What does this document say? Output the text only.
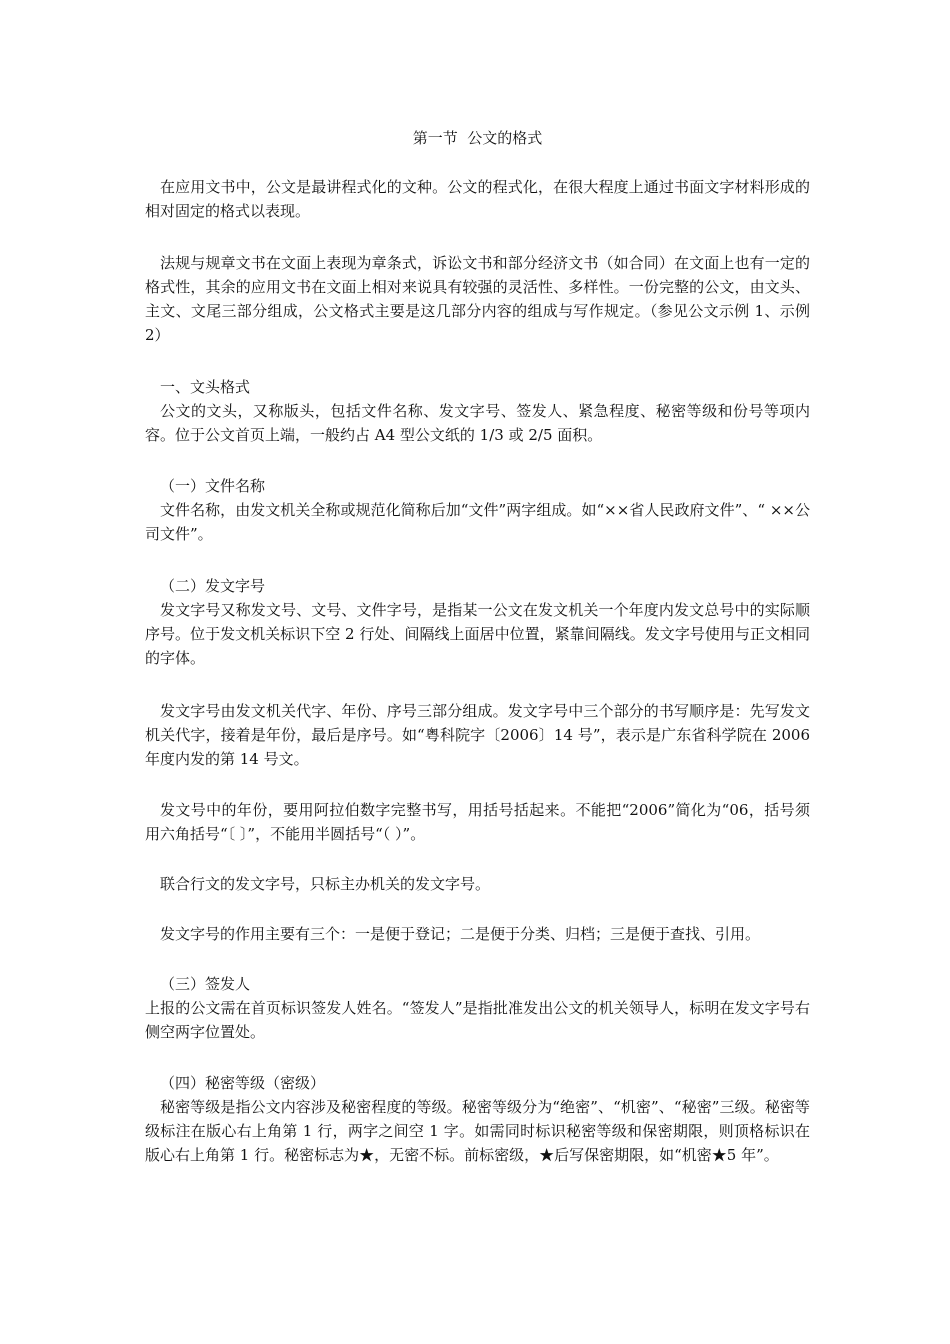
第一节  公文的格式

在应用文书中，公文是最讲程式化的文种。公文的程式化，在很大程度上通过书面文字材料形成的相对固定的格式以表现。

法规与规章文书在文面上表现为章条式，诉讼文书和部分经济文书（如合同）在文面上也有一定的格式性，其余的应用文书在文面上相对来说具有较强的灵活性、多样性。一份完整的公文，由文头、主文、文尾三部分组成，公文格式主要是这几部分内容的组成与写作规定。（参见公文示例 1、示例 2）

一、文头格式

公文的文头，又称版头，包括文件名称、发文字号、签发人、紧急程度、秘密等级和份号等项内容。位于公文首页上端，一般约占 A4 型公文纸的 1/3 或 2/5 面积。

（一）文件名称

文件名称，由发文机关全称或规范化简称后加“文件”两字组成。如“××省人民政府文件”、“ ××公司文件”。

（二）发文字号

发文字号又称发文号、文号、文件字号，是指某一公文在发文机关一个年度内发文总号中的实际顺序号。位于发文机关标识下空 2 行处、间隔线上面居中位置，紧靠间隔线。发文字号使用与正文相同的字体。

发文字号由发文机关代字、年份、序号三部分组成。发文字号中三个部分的书写顺序是：先写发文机关代字，接着是年份，最后是序号。如“粤科院字〔2006〕14 号”，表示是广东省科学院在 2006 年度内发的第 14 号文。

发文号中的年份，要用阿拉伯数字完整书写，用括号括起来。不能把“2006”简化为“06，括号须用六角括号“〔 〕”，不能用半圆括号“（ ）”。

联合行文的发文字号，只标主办机关的发文字号。

发文字号的作用主要有三个：一是便于登记；二是便于分类、归档；三是便于查找、引用。

（三）签发人

上报的公文需在首页标识签发人姓名。“签发人”是指批准发出公文的机关领导人，标明在发文字号右侧空两字位置处。

（四）秘密等级（密级）

秘密等级是指公文内容涉及秘密程度的等级。秘密等级分为“绝密”、“机密”、“秘密”三级。秘密等级标注在版心右上角第 1 行，两字之间空 1 字。如需同时标识秘密等级和保密期限，则顶格标识在版心右上角第 1 行。秘密标志为★，无密不标。前标密级，★后写保密期限，如“机密★5 年”。
